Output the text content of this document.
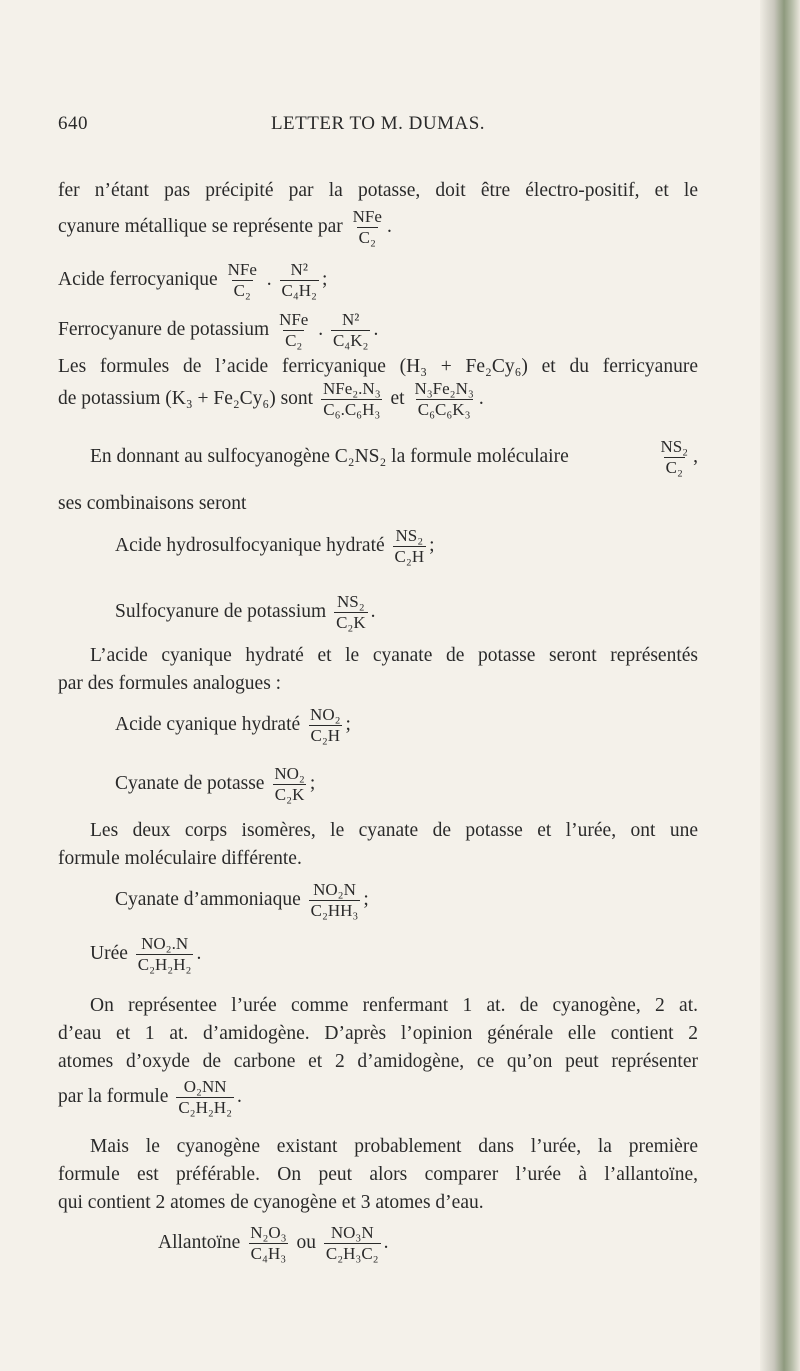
640	LETTER TO M. DUMAS.
fer n’étant pas précipité par la potasse, doit être électro-positif, et le
cyanure métallique se représente par $\frac{\text{NFe}}{\text{C₂}}$ .
Acide ferrocyanique $\frac{\text{NFe}}{\text{C₂}}$ . $\frac{\text{N²}}{\text{C₄H₂}}$ ;
Ferrocyanure de potassium $\frac{\text{NFe}}{\text{C₂}}$ . $\frac{\text{N²}}{\text{C₄K₂}}$ .
Les formules de l’acide ferricyanique (H₃ + Fe₂Cy₆) et du ferricyanure
de potassium (K₃ + Fe₂Cy₆) sont $\frac{\text{NFe₂.N₃}}{\text{C₆.C₆H₃}}$ et $\frac{\text{N₃Fe₂N₃}}{\text{C₆C₆K₃}}$ .
En donnant au sulfocyanogène C₂NS₂ la formule moléculaire	$\frac{\text{NS₂}}{\text{C₂}}$ ,
ses combinaisons seront
Acide hydrosulfocyanique hydraté $\frac{\text{NS₂}}{\text{C₂H}}$ ;
Sulfocyanure de potassium $\frac{\text{NS₂}}{\text{C₂K}}$ .
L’acide cyanique hydraté et le cyanate de potasse seront représentés
par des formules analogues :
Acide cyanique hydraté $\frac{\text{NO₂}}{\text{C₂H}}$ ;
Cyanate de potasse $\frac{\text{NO₂}}{\text{C₂K}}$ ;
Les deux corps isomères, le cyanate de potasse et l’urée, ont une
formule moléculaire différente.
Cyanate d’ammoniaque $\frac{\text{NO₂N}}{\text{C₂HH₃}}$ ;
Urée $\frac{\text{NO₂.N}}{\text{C₂H₂H₂}}$ .
On représentee l’urée comme renfermant 1 at. de cyanogène, 2 at.
d’eau et 1 at. d’amidogène. D’après l’opinion générale elle contient 2
atomes d’oxyde de carbone et 2 d’amidogène, ce qu’on peut représenter
par la formule $\frac{\text{O₂NN}}{\text{C₂H₂H₂}}$ .
Mais le cyanogène existant probablement dans l’urée, la première
formule est préférable. On peut alors comparer l’urée à l’allantoïne,
qui contient 2 atomes de cyanogène et 3 atomes d’eau.
Allantoïne $\frac{\text{N₂O₃}}{\text{C₄H₃}}$ ou $\frac{\text{NO₃N}}{\text{C₂H₃C₂}}$ .
